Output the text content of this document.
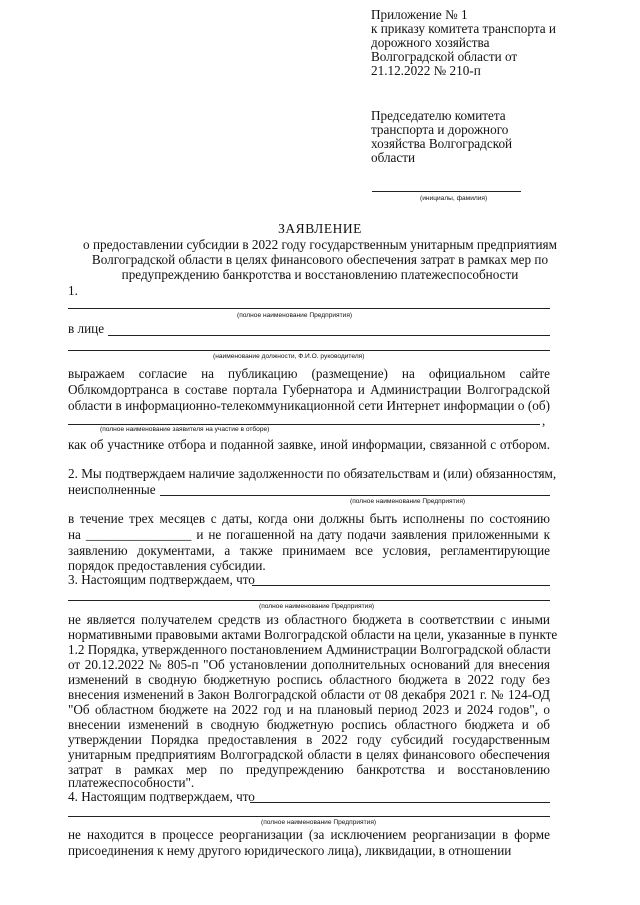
Приложение № 1
к приказу комитета транспорта и
дорожного хозяйства
Волгоградской области от
21.12.2022 № 210-п
Председателю комитета
транспорта и дорожного
хозяйства Волгоградской
области
(инициалы, фамилия)
ЗАЯВЛЕНИЕ
о предоставлении субсидии в 2022 году государственным унитарным предприятиям
Волгоградской области в целях финансового обеспечения затрат в рамках мер по
предупреждению банкротства и восстановлению платежеспособности
1.
(полное наименование Предприятия)
в лице
(наименование должности, Ф.И.О. руководителя)
выражаем согласие на публикацию (размещение) на официальном сайте
Облкомдортранса в составе портала Губернатора и Администрации Волгоградской
области в информационно-телекоммуникационной сети Интернет информации о (об)
,
(полное наименование заявителя на участие в отборе)
как об участнике отбора и поданной заявке, иной информации, связанной с отбором.
2. Мы подтверждаем наличие задолженности по обязательствам и (или) обязанностям,
неисполненные
(полное наименование Предприятия)
в течение трех месяцев с даты, когда они должны быть исполнены по состоянию
на ________________ и не погашенной на дату подачи заявления приложенными к
заявлению документами, а также принимаем все условия, регламентирующие
порядок предоставления субсидии.
3. Настоящим подтверждаем, что
(полное наименование Предприятия)
не является получателем средств из областного бюджета в соответствии с иными
нормативными правовыми актами Волгоградской области на цели, указанные в пункте
1.2 Порядка, утвержденного постановлением Администрации Волгоградской области
от 20.12.2022 № 805-п "Об установлении дополнительных оснований для внесения
изменений в сводную бюджетную роспись областного бюджета в 2022 году без
внесения изменений в Закон Волгоградской области от 08 декабря 2021 г. № 124-ОД
"Об областном бюджете на 2022 год и на плановый период 2023 и 2024 годов", о
внесении изменений в сводную бюджетную роспись областного бюджета и об
утверждении Порядка предоставления в 2022 году субсидий государственным
унитарным предприятиям Волгоградской области в целях финансового обеспечения
затрат в рамках мер по предупреждению банкротства и восстановлению
платежеспособности".
4. Настоящим подтверждаем, что
(полное наименование Предприятия)
не находится в процессе реорганизации (за исключением реорганизации в форме
присоединения к нему другого юридического лица), ликвидации, в отношении
